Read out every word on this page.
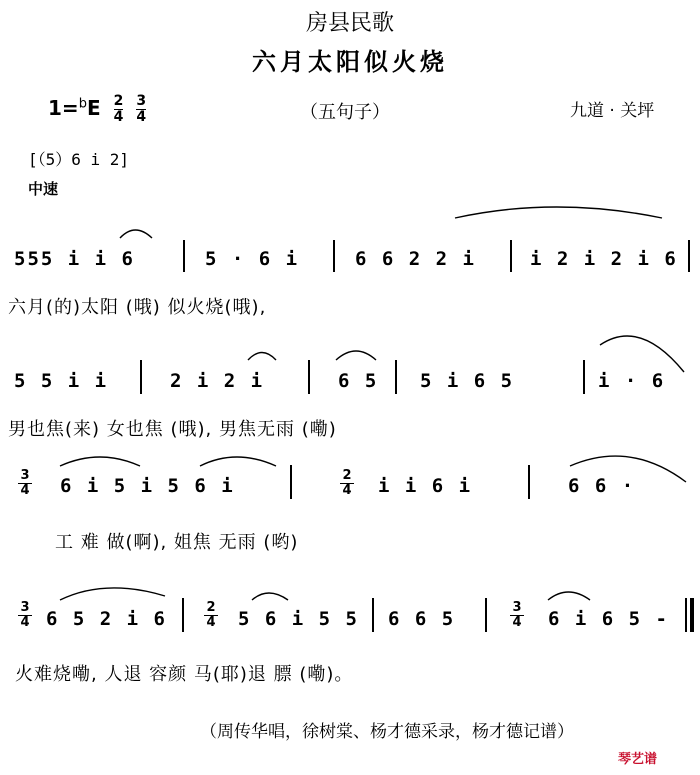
房县民歌
六月太阳似火烧
$1=^bE \frac{2}{4}$
$\frac{3}{4}$	（五句子）	九道 · 关坪
[（5）6 i 2]
中速
555 i i 6	5 · 6 i	6 6 2 2 i	i 2 i 2 i 6
六月(的)太阳 (哦) 似火烧(哦),
5 5 i i	2 i 2 i	6 5 5 i 6 5	i · 6
男也焦(来) 女也焦 (哦), 男焦无雨 (嘞)
$\frac{3}{4} 6$ i 5 i 5 6 i	$\frac{2}{4}$ i i 6 i	6 6 ·
工 难 做(啊), 姐焦 无雨 (哟)
$\frac{3}{4} 6$ 5 2 i 6	$\frac{2}{4} 5$ 6 i 5 5 6 6 5	$\frac{3}{4} 6$ i 6 5 -
火难烧嘞, 人退 容颜 马(耶)退 膘 (嘞)。
（周传华唱，徐树棠、杨才德采录，杨才德记谱）
琴艺谱
